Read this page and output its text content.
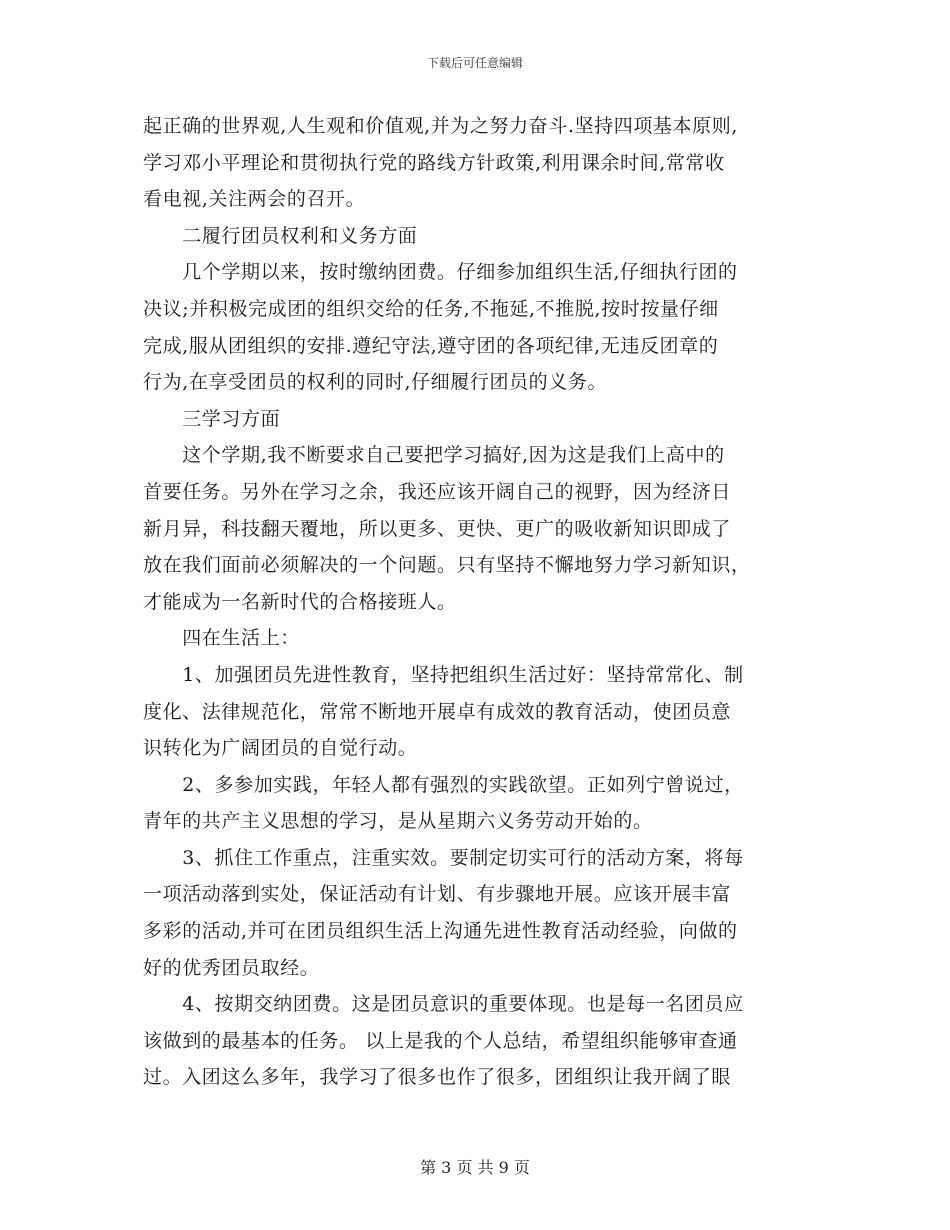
下载后可任意编辑
起正确的世界观,人生观和价值观,并为之努力奋斗.坚持四项基本原则,
学习邓小平理论和贯彻执行党的路线方针政策,利用课余时间,常常收
看电视,关注两会的召开。
　　二履行团员权利和义务方面
　　几个学期以来，按时缴纳团费。仔细参加组织生活,仔细执行团的
决议;并积极完成团的组织交给的任务,不拖延,不推脱,按时按量仔细
完成,服从团组织的安排.遵纪守法,遵守团的各项纪律,无违反团章的
行为,在享受团员的权利的同时,仔细履行团员的义务。
　　三学习方面
　　这个学期,我不断要求自己要把学习搞好,因为这是我们上高中的
首要任务。另外在学习之余，我还应该开阔自己的视野，因为经济日
新月异，科技翻天覆地，所以更多、更快、更广的吸收新知识即成了
放在我们面前必须解决的一个问题。只有坚持不懈地努力学习新知识，
才能成为一名新时代的合格接班人。
　　四在生活上：
　　1、加强团员先进性教育，坚持把组织生活过好：坚持常常化、制
度化、法律规范化，常常不断地开展卓有成效的教育活动，使团员意
识转化为广阔团员的自觉行动。
　　2、多参加实践，年轻人都有强烈的实践欲望。正如列宁曾说过，
青年的共产主义思想的学习，是从星期六义务劳动开始的。
　　3、抓住工作重点，注重实效。要制定切实可行的活动方案，将每
一项活动落到实处，保证活动有计划、有步骤地开展。应该开展丰富
多彩的活动,并可在团员组织生活上沟通先进性教育活动经验，向做的
好的优秀团员取经。
　　4、按期交纳团费。这是团员意识的重要体现。也是每一名团员应
该做到的最基本的任务。 以上是我的个人总结，希望组织能够审查通
过。入团这么多年，我学习了很多也作了很多，团组织让我开阔了眼
第 3 页 共 9 页
